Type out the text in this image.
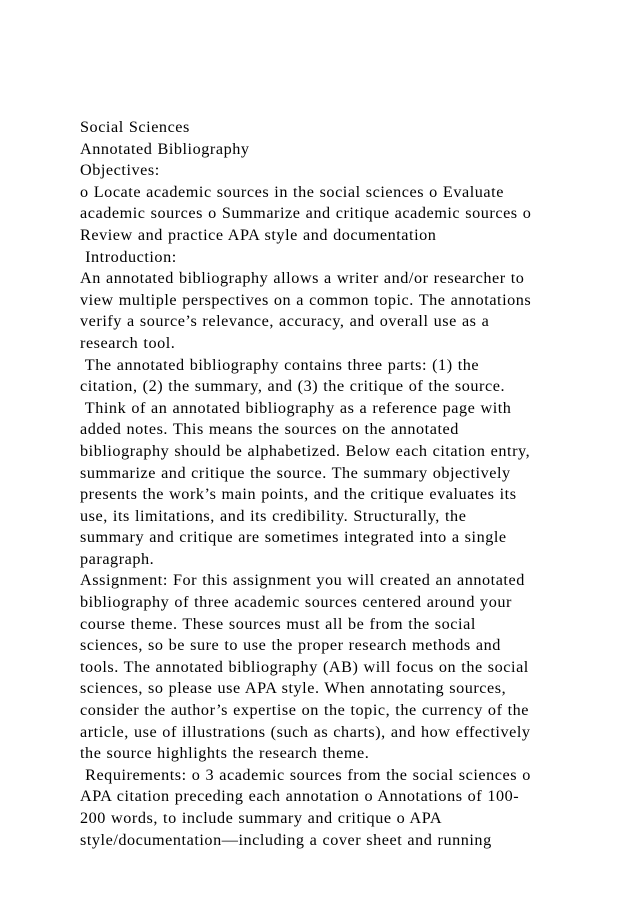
Social Sciences
Annotated Bibliography
Objectives:
o Locate academic sources in the social sciences o Evaluate
academic sources o Summarize and critique academic sources o
Review and practice APA style and documentation
Introduction:
An annotated bibliography allows a writer and/or researcher to
view multiple perspectives on a common topic. The annotations
verify a source’s relevance, accuracy, and overall use as a
research tool.
The annotated bibliography contains three parts: (1) the
citation, (2) the summary, and (3) the critique of the source.
Think of an annotated bibliography as a reference page with
added notes. This means the sources on the annotated
bibliography should be alphabetized. Below each citation entry,
summarize and critique the source. The summary objectively
presents the work’s main points, and the critique evaluates its
use, its limitations, and its credibility. Structurally, the
summary and critique are sometimes integrated into a single
paragraph.
Assignment: For this assignment you will created an annotated
bibliography of three academic sources centered around your
course theme. These sources must all be from the social
sciences, so be sure to use the proper research methods and
tools. The annotated bibliography (AB) will focus on the social
sciences, so please use APA style. When annotating sources,
consider the author’s expertise on the topic, the currency of the
article, use of illustrations (such as charts), and how effectively
the source highlights the research theme.
Requirements: o 3 academic sources from the social sciences o
APA citation preceding each annotation o Annotations of 100-
200 words, to include summary and critique o APA
style/documentation—including a cover sheet and running
